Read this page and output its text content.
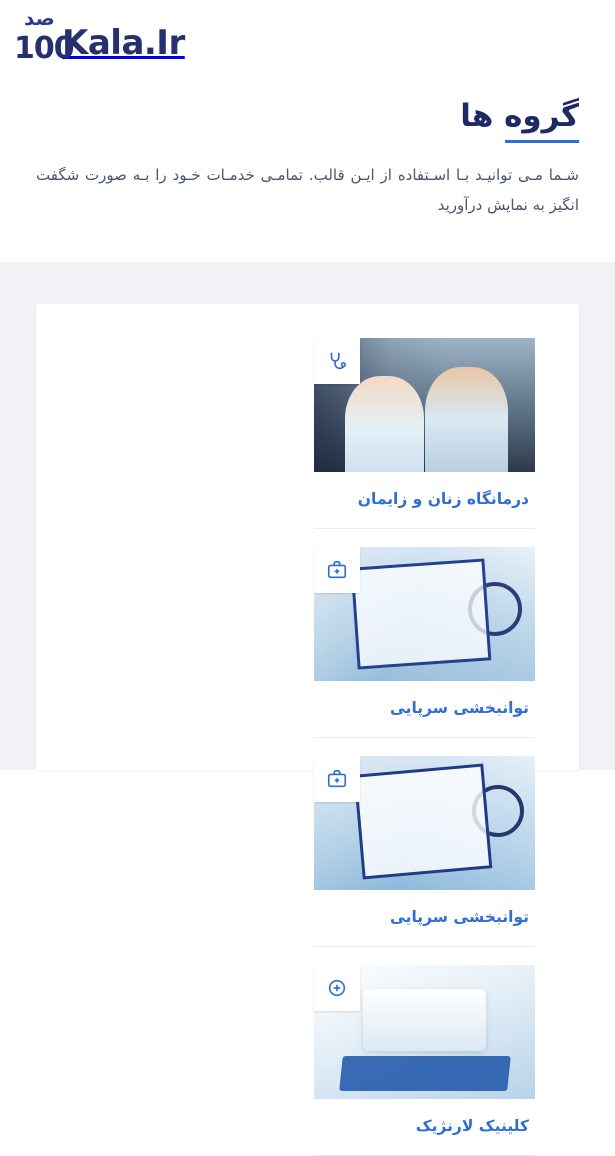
صد
100
Kala.Ir
گروه ها

شـما مـی توانیـد بـا اسـتفاده از ایـن قالب. تمامـی خدمـات خـود را بـه صورت شگفت انگیز به نمایش درآورید

درمانگاه زنان و زایمان
توانبخشی سرپایی
توانبخشی سرپایی
کلینیک لارنژیک
